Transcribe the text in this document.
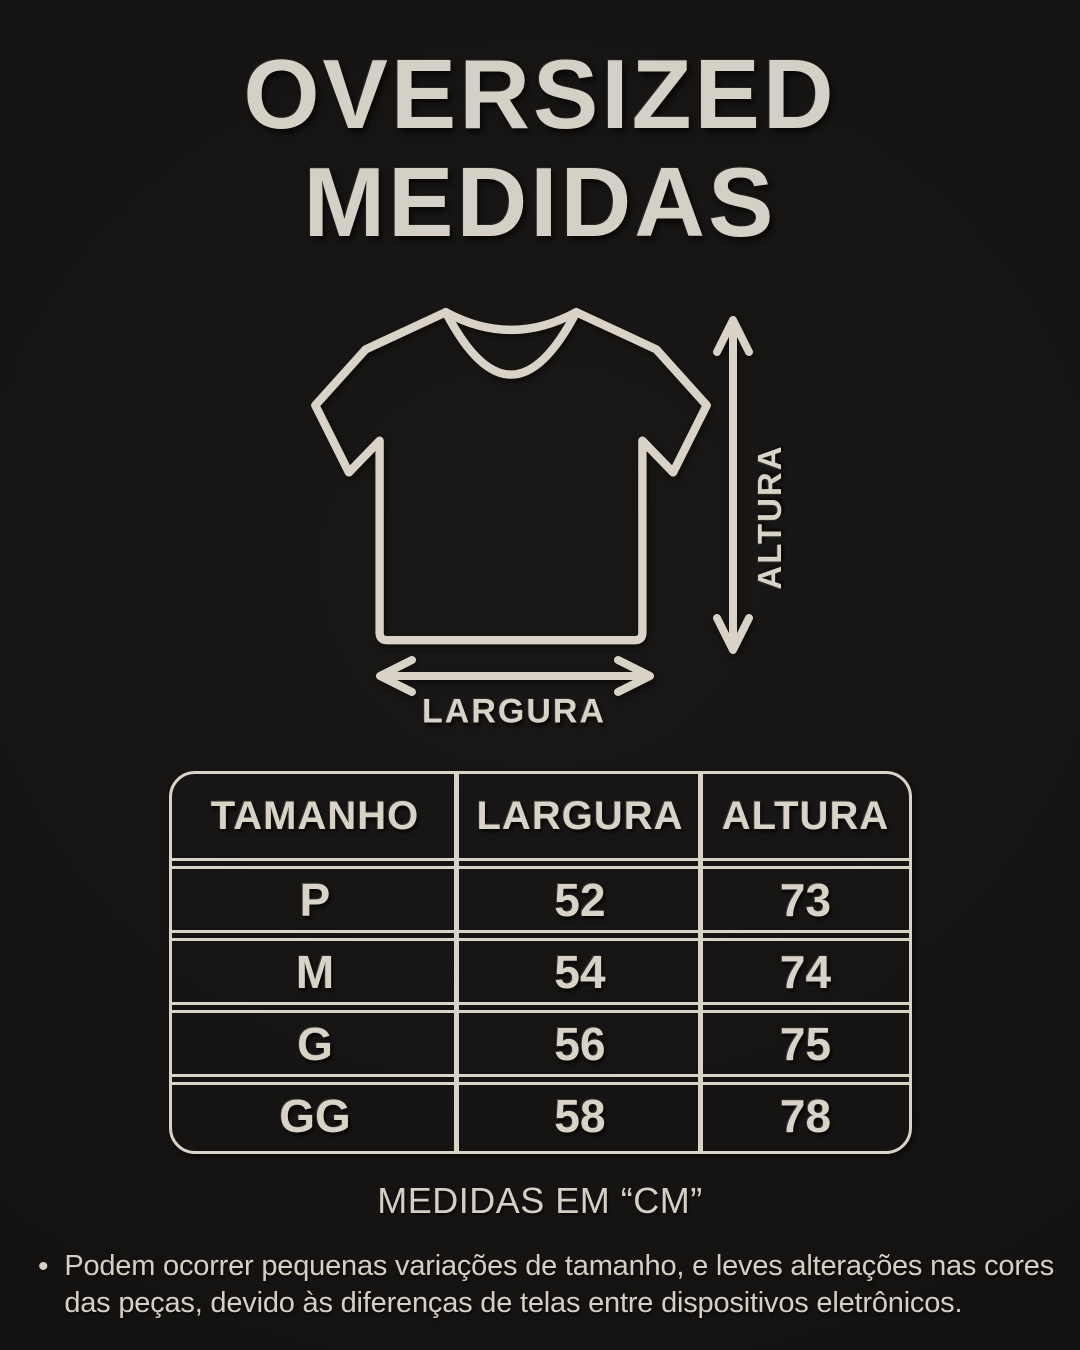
OVERSIZED
MEDIDAS
ALTURA
LARGURA
TAMANHO	LARGURA	ALTURA
P	52	73
M	54	74
G	56	75
GG	58	78
MEDIDAS EM “CM”
• Podem ocorrer pequenas variações de tamanho, e leves alterações nas cores
das peças, devido às diferenças de telas entre dispositivos eletrônicos.
